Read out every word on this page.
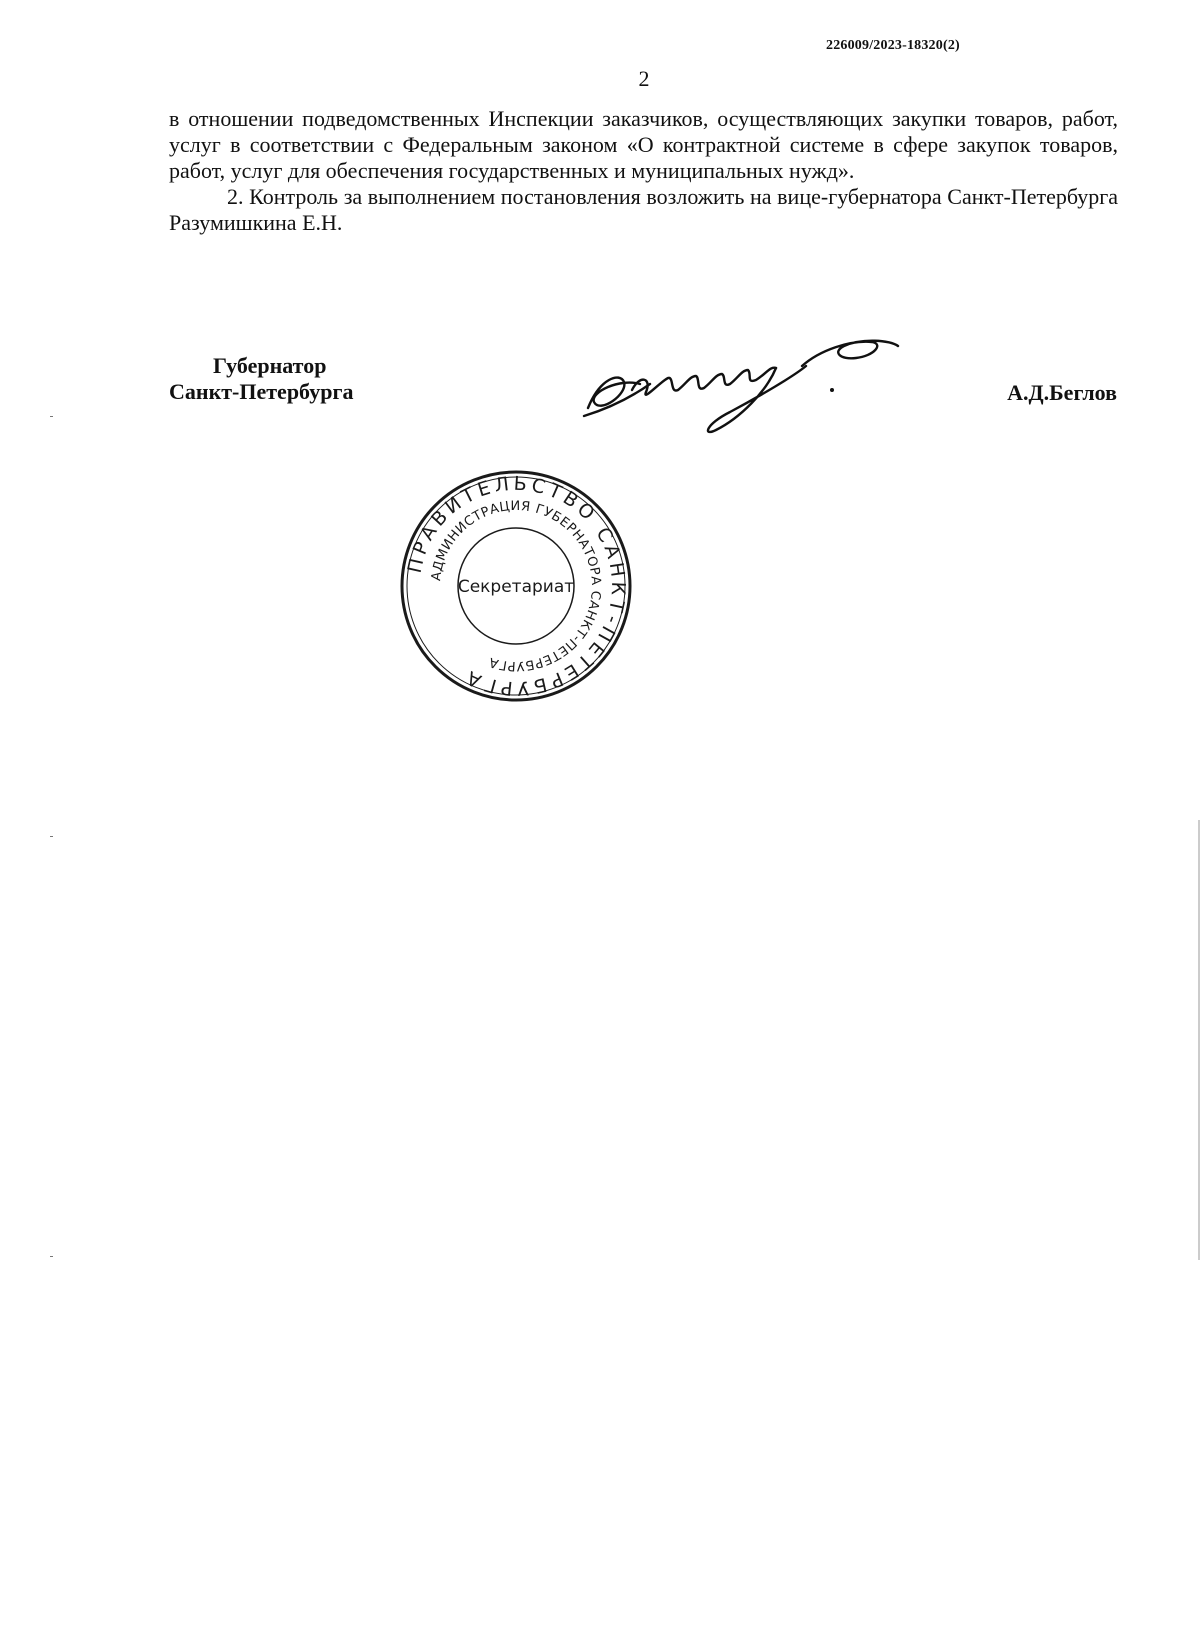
226009/2023-18320(2)
2

в отношении подведомственных Инспекции заказчиков, осуществляющих закупки товаров, работ, услуг в соответствии с Федеральным законом «О контрактной системе в сфере закупок товаров, работ, услуг для обеспечения государственных и муниципальных нужд».

2. Контроль за выполнением постановления возложить на вице-губернатора Санкт-Петербурга Разумишкина Е.Н.

Губернатор
Санкт-Петербурга	А.Д.Беглов
ПРАВИТЕЛЬСТВО САНКТ-ПЕТЕРБУРГА
АДМИНИСТРАЦИЯ ГУБЕРНАТОРА САНКТ-ПЕТЕРБУРГА
Секретариат
